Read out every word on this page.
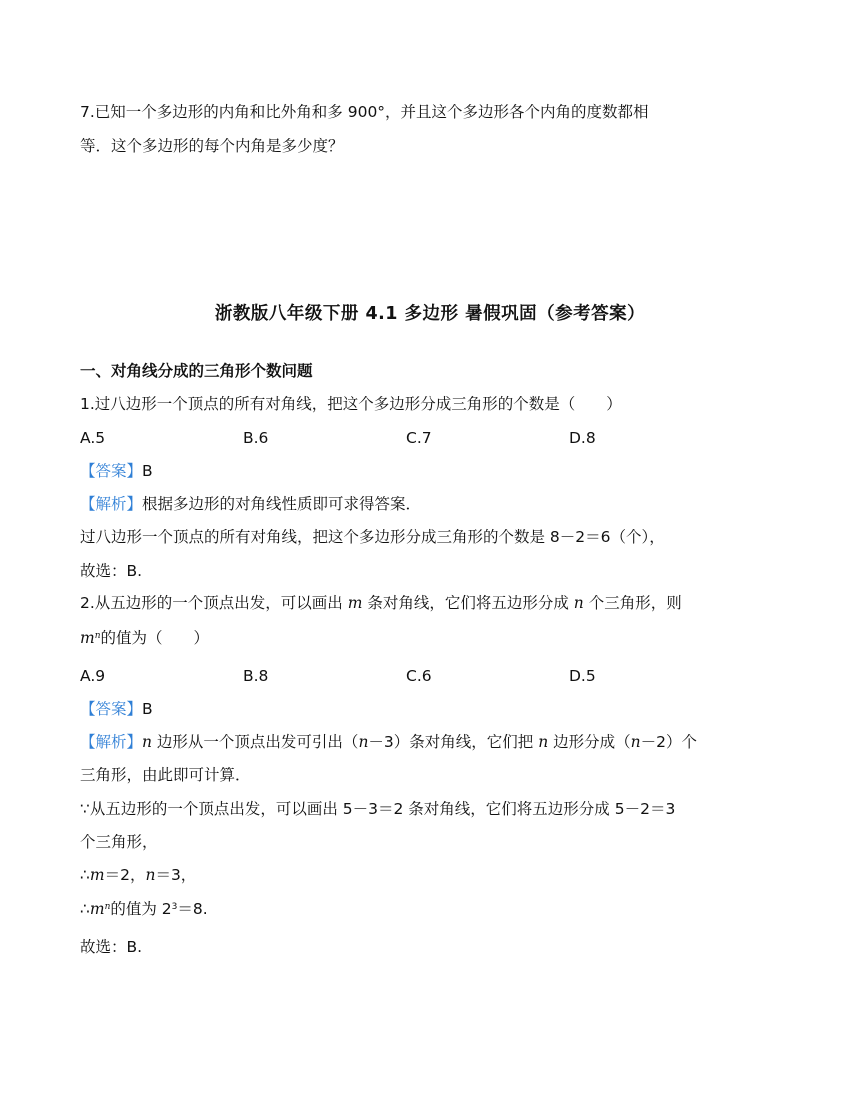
7.已知一个多边形的内角和比外角和多 900°，并且这个多边形各个内角的度数都相
等．这个多边形的每个内角是多少度？
浙教版八年级下册 4.1 多边形 暑假巩固（参考答案）
一、对角线分成的三角形个数问题
1.过八边形一个顶点的所有对角线，把这个多边形分成三角形的个数是（　　）
A.5	B.6	C.7	D.8
【答案】B
【解析】根据多边形的对角线性质即可求得答案．
过八边形一个顶点的所有对角线，把这个多边形分成三角形的个数是 8－2＝6（个），
故选：B.
2.从五边形的一个顶点出发，可以画出 m 条对角线，它们将五边形分成 n 个三角形，则
$m^n$的值为（　　）
A.9	B.8	C.6	D.5
【答案】B
【解析】n 边形从一个顶点出发可引出（n－3）条对角线，它们把 n 边形分成（n－2）个
三角形，由此即可计算．
∵从五边形的一个顶点出发，可以画出 5－3＝2 条对角线，它们将五边形分成 5－2＝3
个三角形，
∴m＝2，n＝3，
$\therefore m^n$的值为 $2^3=8$.
故选：B.
